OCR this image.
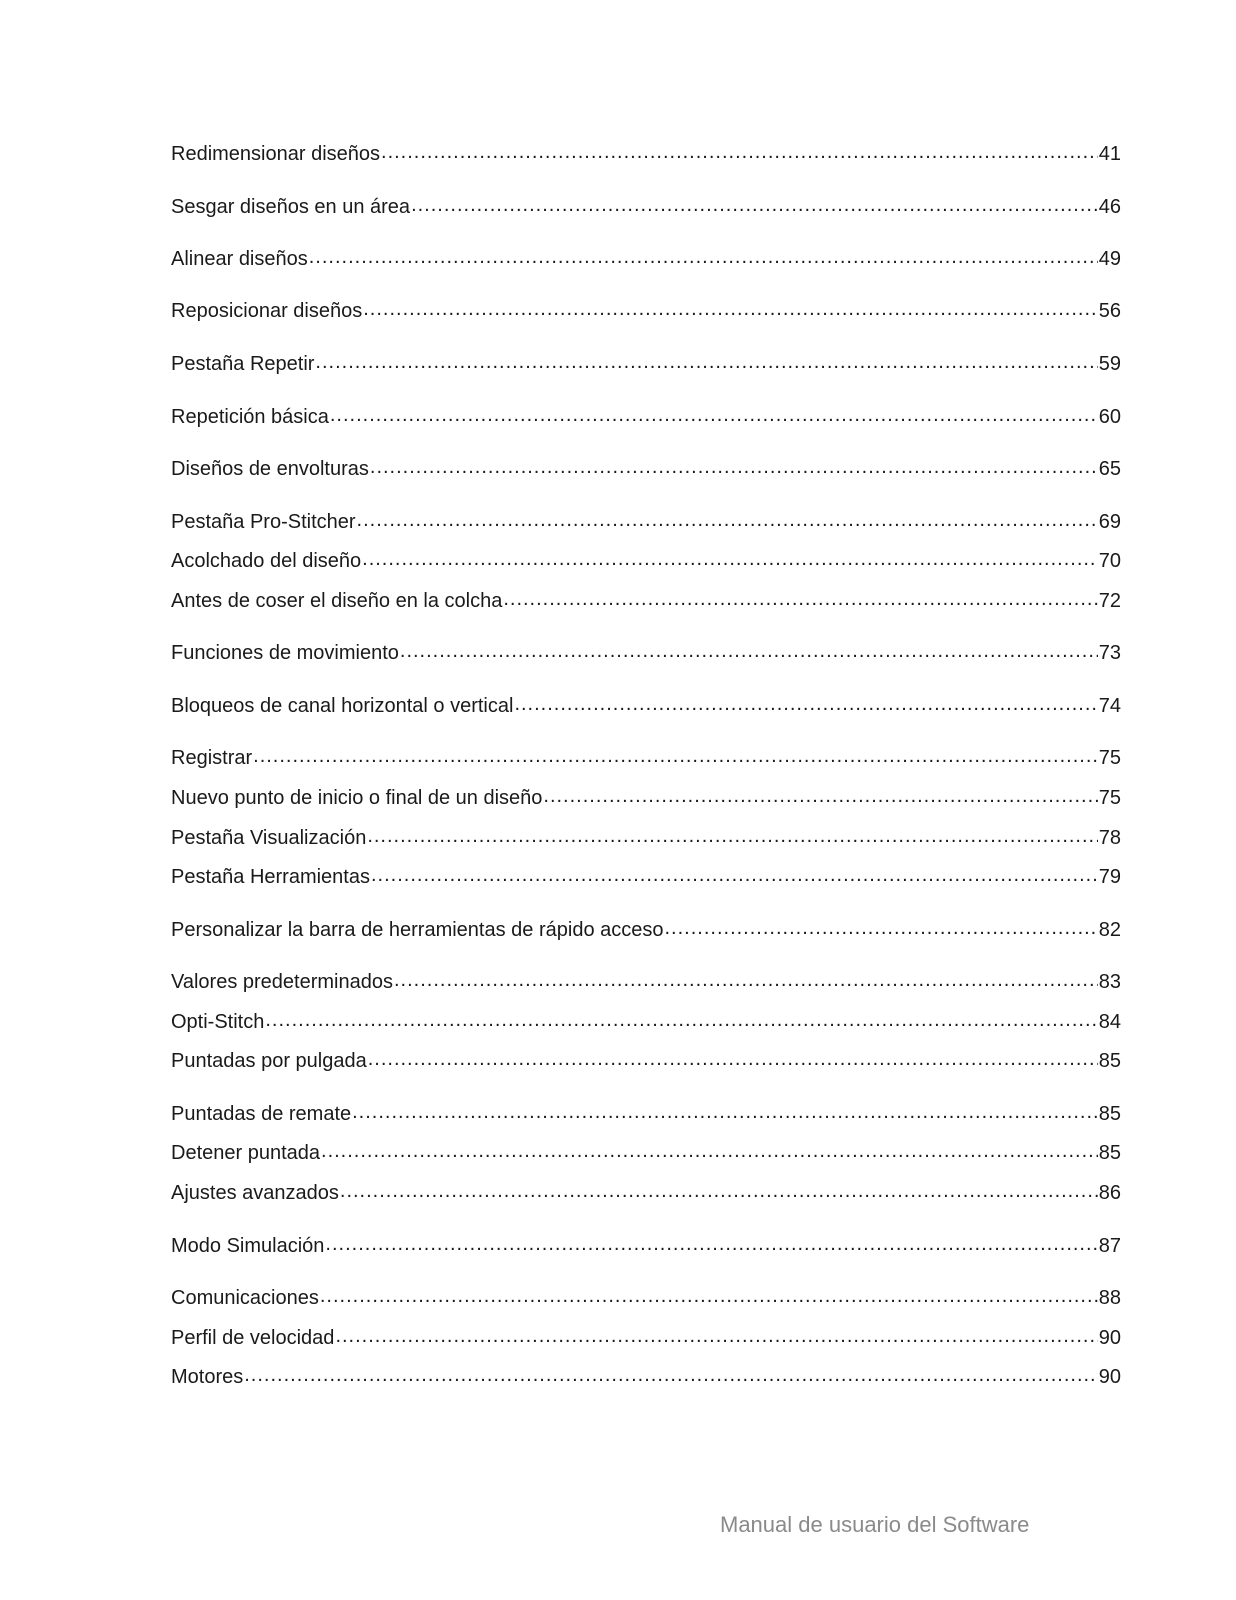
Redimensionar diseños .....	41
Sesgar diseños en un área .....	46
Alinear diseños .....	49
Reposicionar diseños .....	56
Pestaña Repetir .....	59
Repetición básica .....	60
Diseños de envolturas .....	65
Pestaña Pro-Stitcher .....	69
Acolchado del diseño .....	70
Antes de coser el diseño en la colcha .....	72
Funciones de movimiento .....	73
Bloqueos de canal horizontal o vertical .....	74
Registrar .....	75
Nuevo punto de inicio o final de un diseño .....	75
Pestaña Visualización .....	78
Pestaña Herramientas .....	79
Personalizar la barra de herramientas de rápido acceso .....	82
Valores predeterminados .....	83
Opti-Stitch .....	84
Puntadas por pulgada .....	85
Puntadas de remate .....	85
Detener puntada .....	85
Ajustes avanzados .....	86
Modo Simulación .....	87
Comunicaciones .....	88
Perfil de velocidad .....	90
Motores .....	90
Manual de usuario del Software
